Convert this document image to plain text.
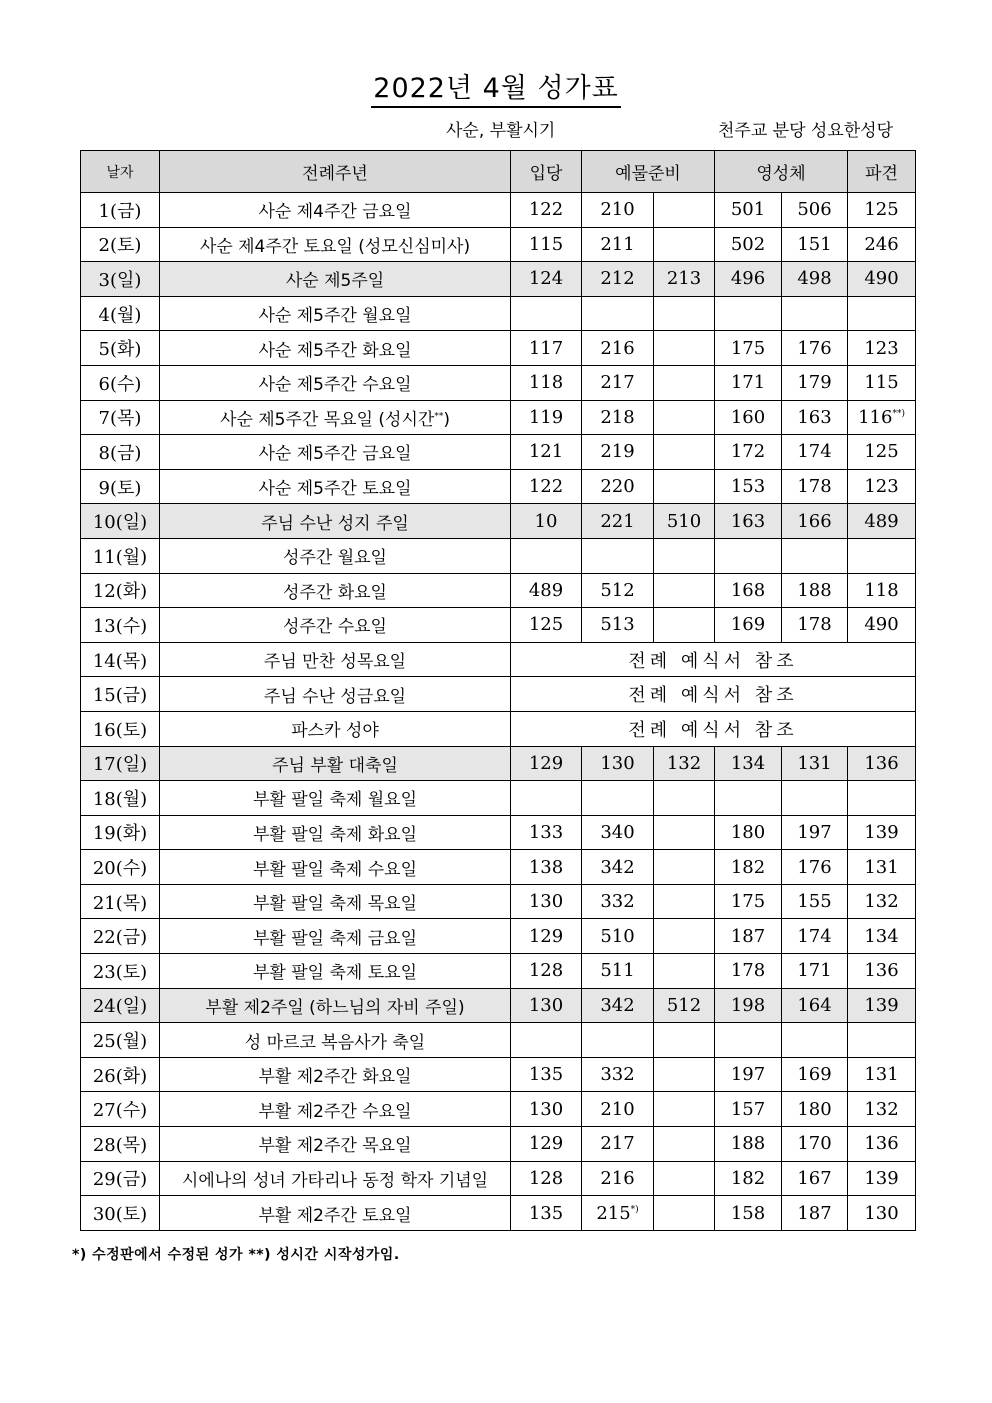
2022년 4월 성가표
사순, 부활시기	천주교 분당 성요한성당
날자	전례주년	입당	예물준비		영성체		파견
1(금)	사순 제4주간 금요일	122	210		501	506	125
2(토)	사순 제4주간 토요일 (성모신심미사)	115	211		502	151	246
3(일)	사순 제5주일	124	212	213	496	498	490
4(월)	사순 제5주간 월요일						
5(화)	사순 제5주간 화요일	117	216		175	176	123
6(수)	사순 제5주간 수요일	118	217		171	179	115
7(목)	사순 제5주간 목요일 (성시간**)	119	218		160	163	116**)
8(금)	사순 제5주간 금요일	121	219		172	174	125
9(토)	사순 제5주간 토요일	122	220		153	178	123
10(일)	주님 수난 성지 주일	10	221	510	163	166	489
11(월)	성주간 월요일						
12(화)	성주간 화요일	489	512		168	188	118
13(수)	성주간 수요일	125	513		169	178	490
14(목)	주님 만찬 성목요일	전례 예식서 참조					
15(금)	주님 수난 성금요일	전례 예식서 참조					
16(토)	파스카 성야	전례 예식서 참조					
17(일)	주님 부활 대축일	129	130	132	134	131	136
18(월)	부활 팔일 축제 월요일						
19(화)	부활 팔일 축제 화요일	133	340		180	197	139
20(수)	부활 팔일 축제 수요일	138	342		182	176	131
21(목)	부활 팔일 축제 목요일	130	332		175	155	132
22(금)	부활 팔일 축제 금요일	129	510		187	174	134
23(토)	부활 팔일 축제 토요일	128	511		178	171	136
24(일)	부활 제2주일 (하느님의 자비 주일)	130	342	512	198	164	139
25(월)	성 마르코 복음사가 축일						
26(화)	부활 제2주간 화요일	135	332		197	169	131
27(수)	부활 제2주간 수요일	130	210		157	180	132
28(목)	부활 제2주간 목요일	129	217		188	170	136
29(금)	시에나의 성녀 가타리나 동정 학자 기념일	128	216		182	167	139
30(토)	부활 제2주간 토요일	135	215*)		158	187	130
*) 수정판에서 수정된 성가 **) 성시간 시작성가임.
